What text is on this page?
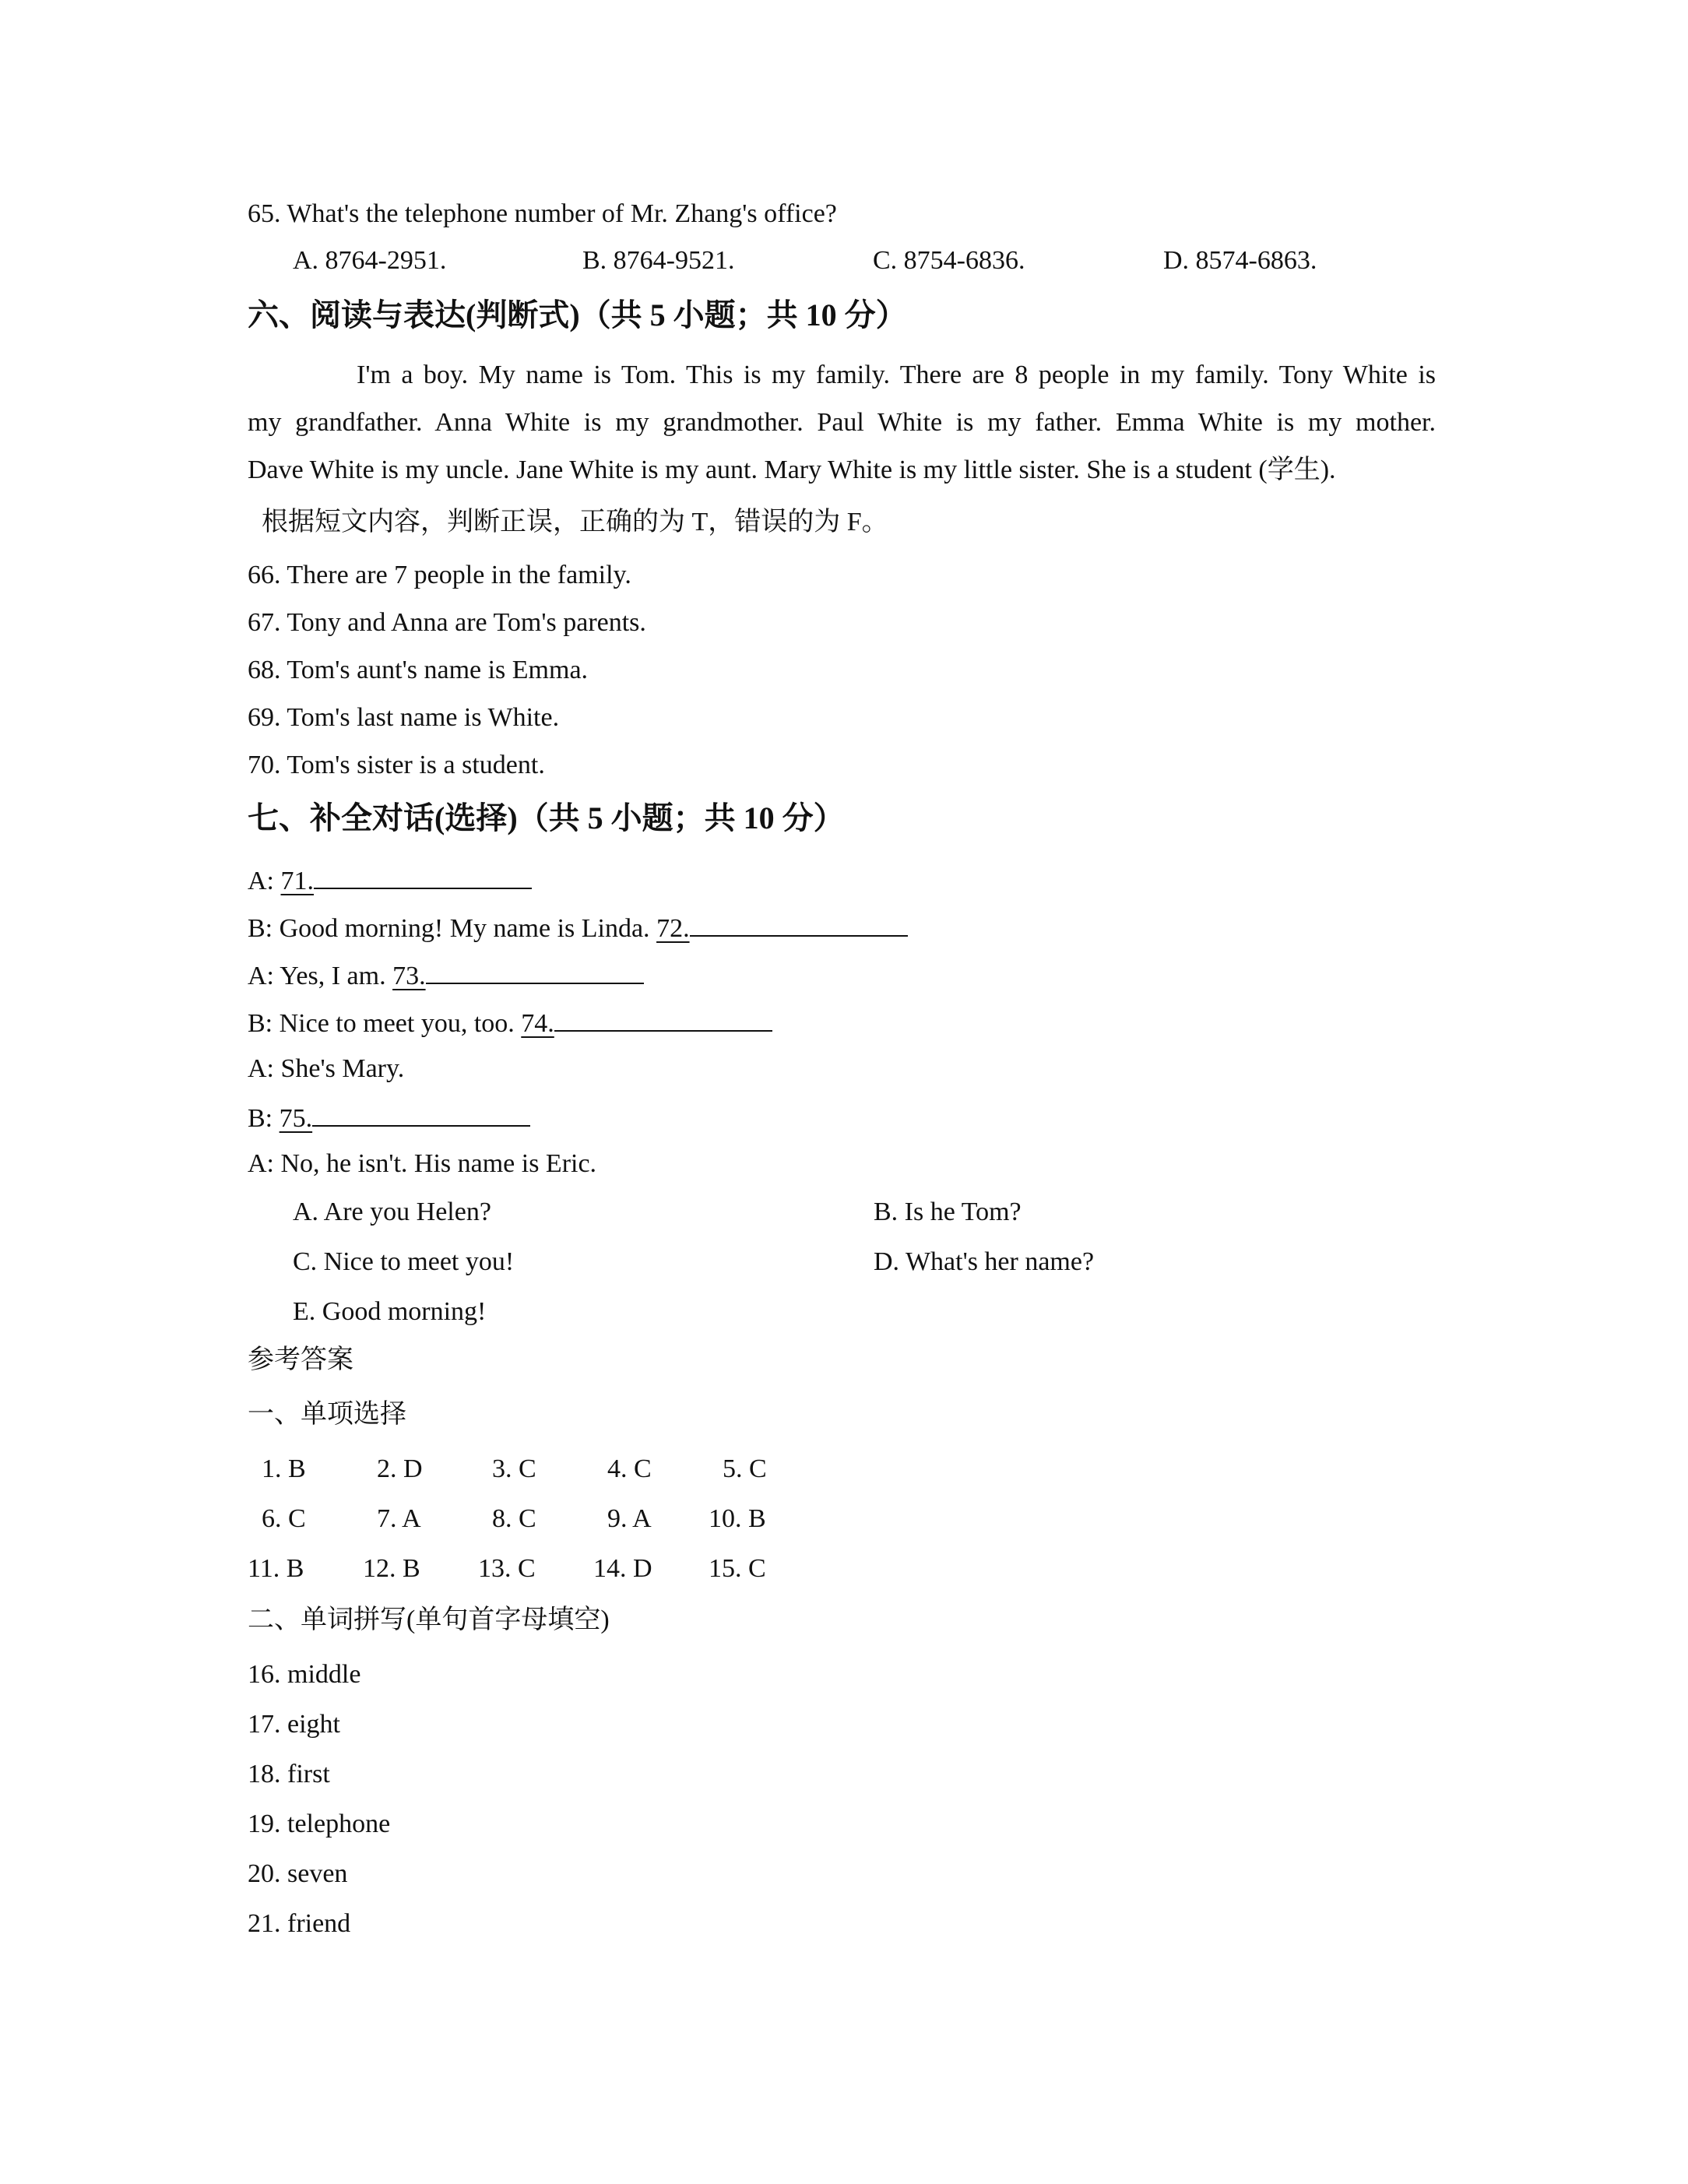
65. What's the telephone number of Mr. Zhang's office?
A. 8764-2951.	B. 8764-9521.	C. 8754-6836.	D. 8574-6863.
六、阅读与表达(判断式)（共 5 小题；共 10 分）
I'm a boy. My name is Tom. This is my family. There are 8 people in my family. Tony White is
my grandfather. Anna White is my grandmother. Paul White is my father. Emma White is my mother.
Dave White is my uncle. Jane White is my aunt. Mary White is my little sister. She is a student (学生).
根据短文内容，判断正误，正确的为 T，错误的为 F。
66. There are 7 people in the family.
67. Tony and Anna are Tom's parents.
68. Tom's aunt's name is Emma.
69. Tom's last name is White.
70. Tom's sister is a student.
七、补全对话(选择)（共 5 小题；共 10 分）
A: 71.
B: Good morning! My name is Linda. 72.
A: Yes, I am. 73.
B: Nice to meet you, too. 74.
A: She's Mary.
B: 75.
A: No, he isn't. His name is Eric.
A. Are you Helen?	B. Is he Tom?
C. Nice to meet you!	D. What's her name?
E. Good morning!
参考答案
一、单项选择
1. B	2. D	3. C	4. C	5. C
6. C	7. A	8. C	9. A 10. B
11. B 12. B 13. C 14. D 15. C
二、单词拼写(单句首字母填空)
16. middle
17. eight
18. first
19. telephone
20. seven
21. friend
